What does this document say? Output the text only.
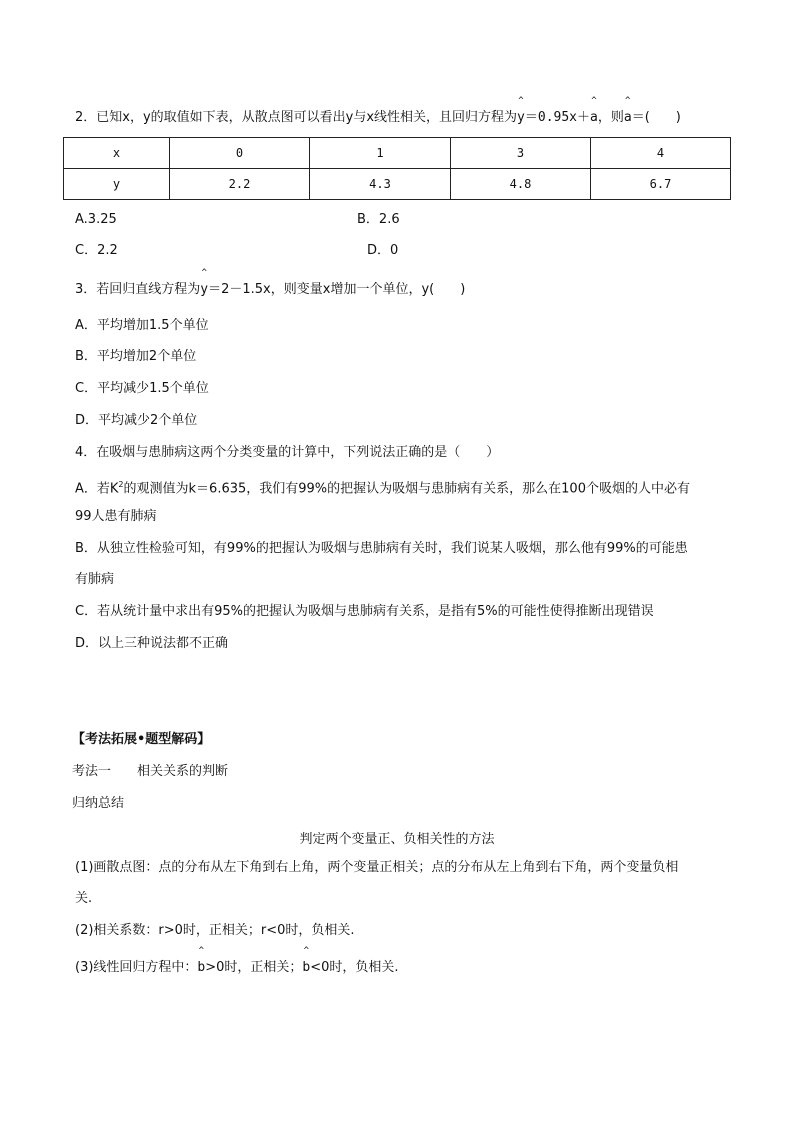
2．已知x，y的取值如下表，从散点图可以看出y与x线性相关，且回归方程为^ y＝0.95x＋^ a，则^ a＝(　　)
x	0	1	3	4
y	2.2	4.3	4.8	6.7
A.3.25	B．2.6
C．2.2	D．0
3．若回归直线方程为^ y＝2－1.5x，则变量x增加一个单位，y(　　)
A．平均增加1.5个单位
B．平均增加2个单位
C．平均减少1.5个单位
D．平均减少2个单位
4．在吸烟与患肺病这两个分类变量的计算中，下列说法正确的是（　　）
A．若$K^2$的观测值为k＝6.635，我们有99%的把握认为吸烟与患肺病有关系，那么在100个吸烟的人中必有
99人患有肺病
B．从独立性检验可知，有99%的把握认为吸烟与患肺病有关时，我们说某人吸烟，那么他有99%的可能患
有肺病
C．若从统计量中求出有95%的把握认为吸烟与患肺病有关系，是指有5%的可能性使得推断出现错误
D．以上三种说法都不正确
【考法拓展•题型解码】
考法一　　相关关系的判断
归纳总结
判定两个变量正、负相关性的方法
(1)画散点图：点的分布从左下角到右上角，两个变量正相关；点的分布从左上角到右下角，两个变量负相
关.
(2)相关系数：r>0时，正相关；r<0时，负相关.
(3)线性回归方程中：^ b>0时，正相关；^ b<0时，负相关.
